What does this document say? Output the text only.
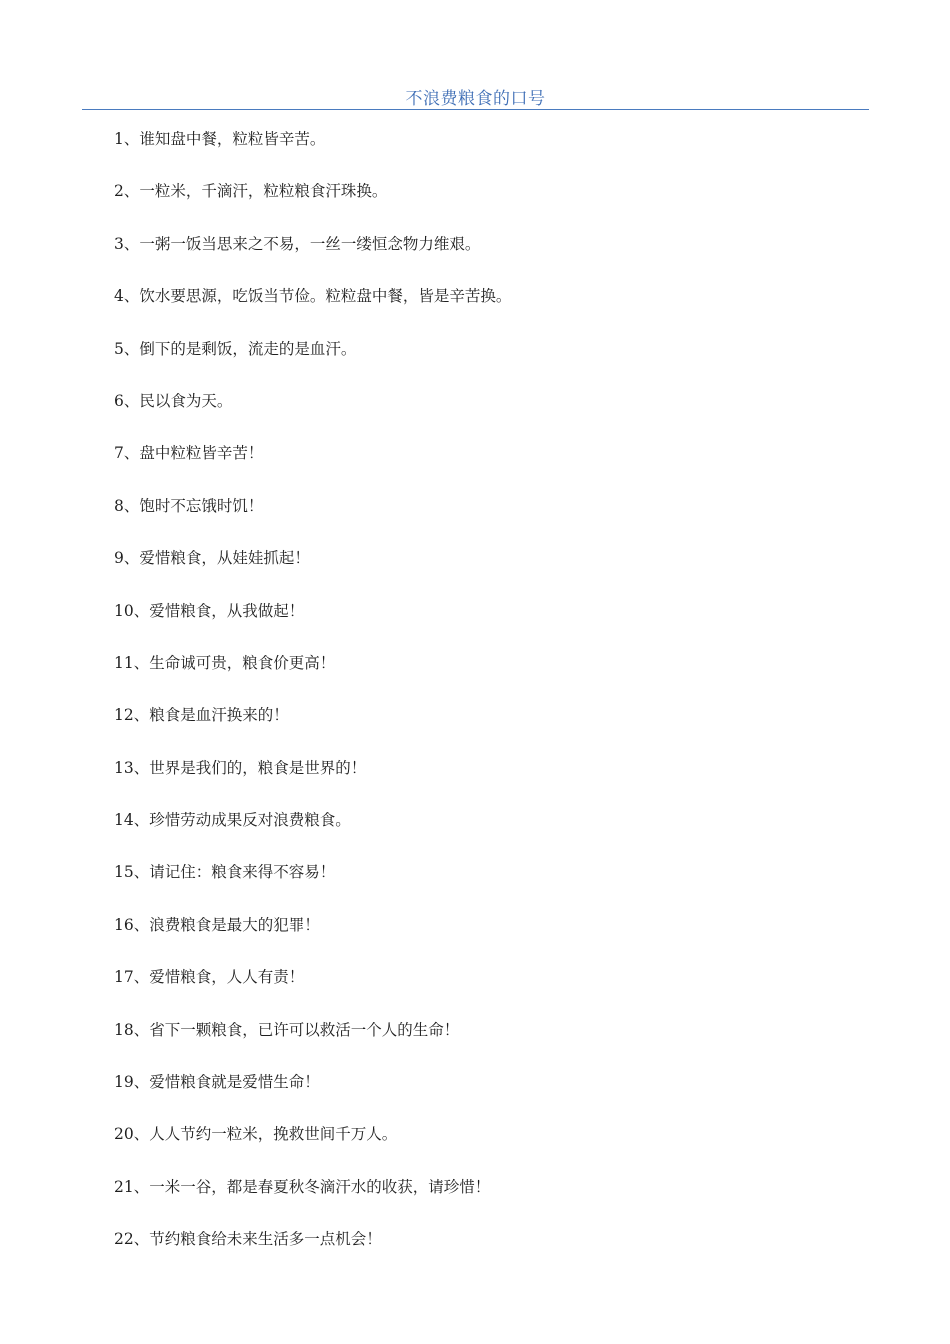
不浪费粮食的口号
1、谁知盘中餐，粒粒皆辛苦。
2、一粒米，千滴汗，粒粒粮食汗珠换。
3、一粥一饭当思来之不易，一丝一缕恒念物力维艰。
4、饮水要思源，吃饭当节俭。粒粒盘中餐，皆是辛苦换。
5、倒下的是剩饭，流走的是血汗。
6、民以食为天。
7、盘中粒粒皆辛苦！
8、饱时不忘饿时饥！
9、爱惜粮食，从娃娃抓起！
10、爱惜粮食，从我做起！
11、生命诚可贵，粮食价更高！
12、粮食是血汗换来的！
13、世界是我们的，粮食是世界的！
14、珍惜劳动成果反对浪费粮食。
15、请记住：粮食来得不容易！
16、浪费粮食是最大的犯罪！
17、爱惜粮食，人人有责！
18、省下一颗粮食，已许可以救活一个人的生命！
19、爱惜粮食就是爱惜生命！
20、人人节约一粒米，挽救世间千万人。
21、一米一谷，都是春夏秋冬滴汗水的收获，请珍惜！
22、节约粮食给未来生活多一点机会！
